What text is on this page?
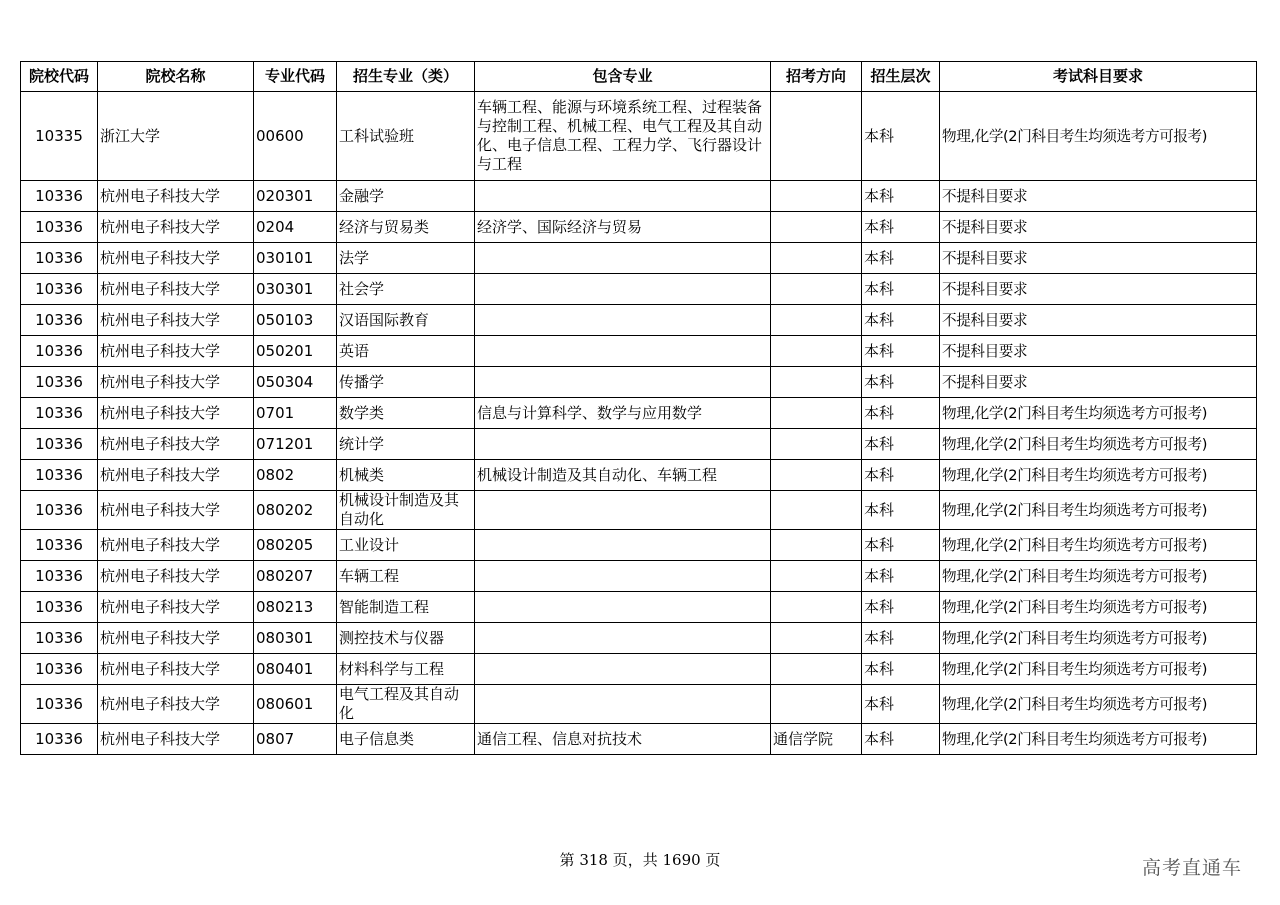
院校代码	院校名称	专业代码	招生专业（类）	包含专业	招考方向	招生层次	考试科目要求
10335	浙江大学	00600	工科试验班	车辆工程、能源与环境系统工程、过程装备与控制工程、机械工程、电气工程及其自动化、电子信息工程、工程力学、飞行器设计与工程		本科	物理,化学(2门科目考生均须选考方可报考)
10336	杭州电子科技大学	020301	金融学			本科	不提科目要求
10336	杭州电子科技大学	0204	经济与贸易类	经济学、国际经济与贸易		本科	不提科目要求
10336	杭州电子科技大学	030101	法学			本科	不提科目要求
10336	杭州电子科技大学	030301	社会学			本科	不提科目要求
10336	杭州电子科技大学	050103	汉语国际教育			本科	不提科目要求
10336	杭州电子科技大学	050201	英语			本科	不提科目要求
10336	杭州电子科技大学	050304	传播学			本科	不提科目要求
10336	杭州电子科技大学	0701	数学类	信息与计算科学、数学与应用数学		本科	物理,化学(2门科目考生均须选考方可报考)
10336	杭州电子科技大学	071201	统计学			本科	物理,化学(2门科目考生均须选考方可报考)
10336	杭州电子科技大学	0802	机械类	机械设计制造及其自动化、车辆工程		本科	物理,化学(2门科目考生均须选考方可报考)
10336	杭州电子科技大学	080202	机械设计制造及其自动化			本科	物理,化学(2门科目考生均须选考方可报考)
10336	杭州电子科技大学	080205	工业设计			本科	物理,化学(2门科目考生均须选考方可报考)
10336	杭州电子科技大学	080207	车辆工程			本科	物理,化学(2门科目考生均须选考方可报考)
10336	杭州电子科技大学	080213	智能制造工程			本科	物理,化学(2门科目考生均须选考方可报考)
10336	杭州电子科技大学	080301	测控技术与仪器			本科	物理,化学(2门科目考生均须选考方可报考)
10336	杭州电子科技大学	080401	材料科学与工程			本科	物理,化学(2门科目考生均须选考方可报考)
10336	杭州电子科技大学	080601	电气工程及其自动化			本科	物理,化学(2门科目考生均须选考方可报考)
10336	杭州电子科技大学	0807	电子信息类	通信工程、信息对抗技术	通信学院	本科	物理,化学(2门科目考生均须选考方可报考)
第 318 页，共 1690 页	高考直通车
